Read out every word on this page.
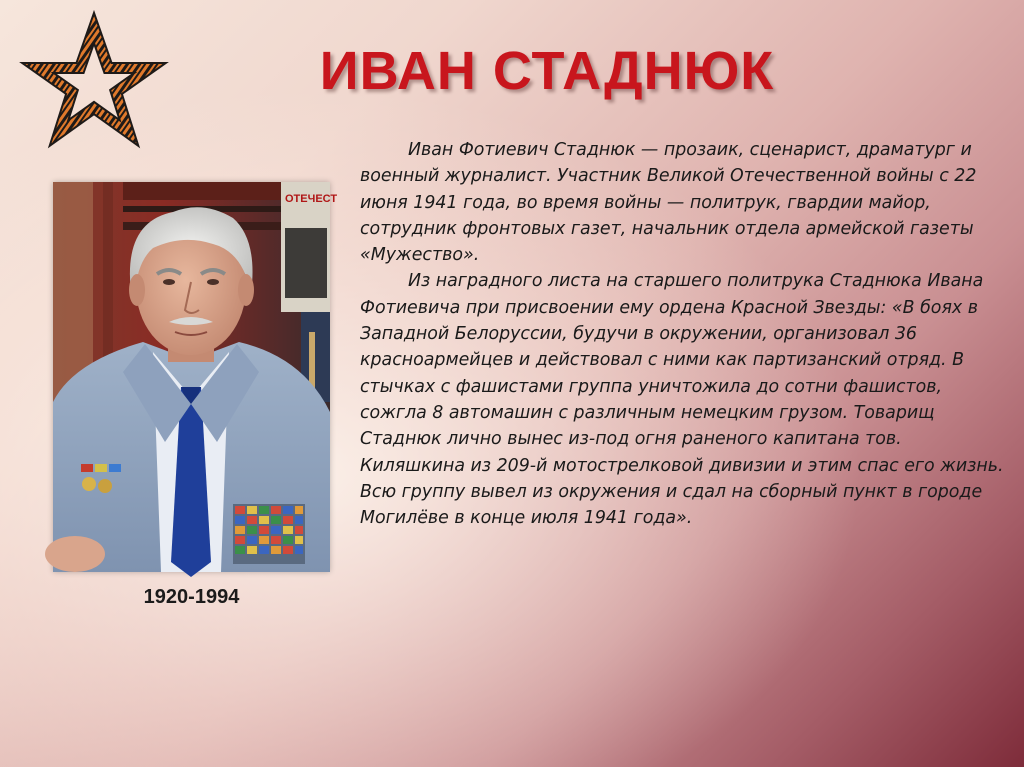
ИВАН СТАДНЮК
ОТЕЧЕСТ
1920-1994

Иван Фотиевич Стаднюк — прозаик, сценарист, драматург и военный журналист. Участник Великой Отечественной войны с 22 июня 1941 года, во время войны — политрук, гвардии майор, сотрудник фронтовых газет, начальник отдела армейской газеты «Мужество».

Из наградного листа на старшего политрука Стаднюка Ивана Фотиевича при присвоении ему ордена Красной Звезды: «В боях в Западной Белоруссии, будучи в окружении, организовал 36 красноармейцев и действовал с ними как партизанский отряд. В стычках с фашистами группа уничтожила до сотни фашистов, сожгла 8 автомашин с различным немецким грузом. Товарищ Стаднюк лично вынес из-под огня раненого капитана тов. Киляшкина из 209-й мотострелковой дивизии и этим спас его жизнь. Всю группу вывел из окружения и сдал на сборный пункт в городе Могилёве в конце июля 1941 года».
